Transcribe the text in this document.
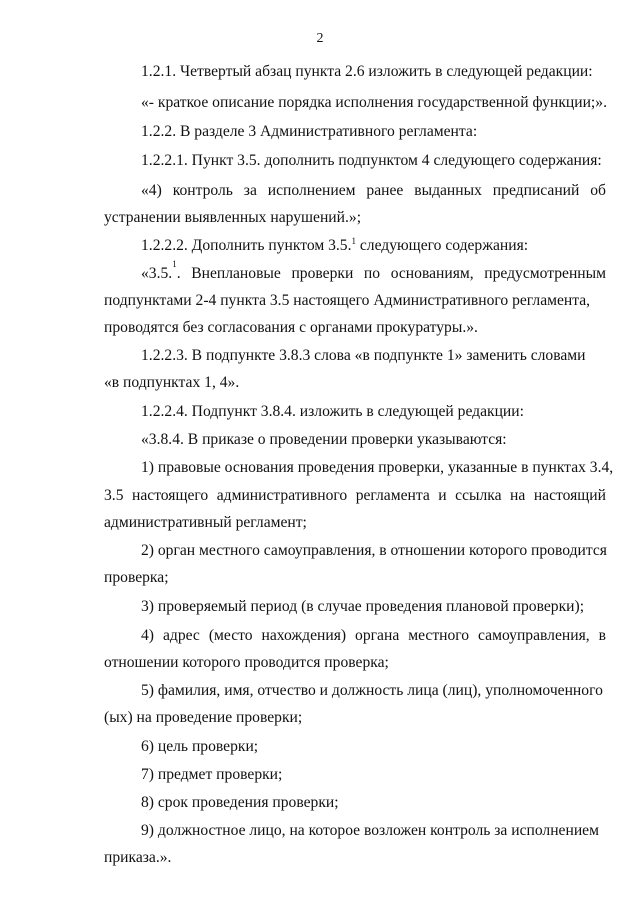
2
1.2.1. Четвертый абзац пункта 2.6 изложить в следующей редакции:
«- краткое описание порядка исполнения государственной функции;».
1.2.2. В разделе 3 Административного регламента:
1.2.2.1. Пункт 3.5. дополнить подпунктом 4 следующего содержания:
«4) контроль за исполнением ранее выданных предписаний об
устранении выявленных нарушений.»;
1.2.2.2. Дополнить пунктом 3.5.$^1$ следующего содержания:
«3.5.
1
. Внеплановые проверки по основаниям, предусмотренным
подпунктами 2-4 пункта 3.5 настоящего Административного регламента,
проводятся без согласования с органами прокуратуры.».
1.2.2.3. В подпункте 3.8.3 слова «в подпункте 1» заменить словами
«в подпунктах 1, 4».
1.2.2.4. Подпункт 3.8.4. изложить в следующей редакции:
«3.8.4. В приказе о проведении проверки указываются:
1) правовые основания проведения проверки, указанные в пунктах 3.4,
3.5 настоящего административного регламента и ссылка на настоящий
административный регламент;
2) орган местного самоуправления, в отношении которого проводится
проверка;
3) проверяемый период (в случае проведения плановой проверки);
4) адрес (место нахождения) органа местного самоуправления, в
отношении которого проводится проверка;
5) фамилия, имя, отчество и должность лица (лиц), уполномоченного
(ых) на проведение проверки;
6) цель проверки;
7) предмет проверки;
8) срок проведения проверки;
9) должностное лицо, на которое возложен контроль за исполнением
приказа.».
